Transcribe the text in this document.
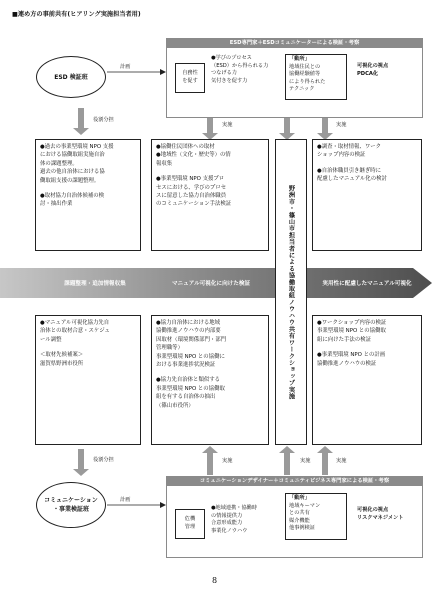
■連め方の事前共有(ヒアリング実施担当者用)
ESD 検証班
計画
ESD専門家＋ESDコミュニケーターによる検証・考察
自務性
を促す
●学びのプロセス
（ESD）から得られる力
つなげる力
気付きを促す力
「動所」
地域住民との
協働経験値等
により得られた
テクニック
可視化の視点
PDCA化
役割分担
実施	実施
●過去の事業型環境 NPO 支援
における協働取組実施自治
体の課題整理。
過去の他自治体における協
働取組支援の課題整理。
●取材協力自治体候補の検
討・抽出作業
●協働住民団体への取材
●地域性（文化・歴史等）の情
報収集
●事業型環境 NPO 支援プロ
セスにおける、学びのプロセ
スに留意した協力自治体職員
のコミュニケーション手法検証	野洲市・篠山市担当者
による協働取組ノウハウ
共有ワークショップ実施
●調査・取材情報、ワーク
ショップ内容の検証
●自治体職員引き継ぎ時に
配慮したマニュアル化の検討
課題整理・追加情報収集	マニュアル可視化に向けた検証	実用性に配慮したマニュアル可視化
●マニュアル可視化協力先自
治体との取材合意・スケジュ
ール調整
＜取材先候補案＞
滋賀県野洲市役所
●協力自治体における地域
協働推進ノウハウの内部要
因取材（環境関係部門・部門
管理職等）
事業型環境 NPO との協働に
おける事業進捗状況検証
●協力先自治体と類似する
事業型環境 NPO との協働取
組を有する自治体の抽出
（篠山市役所）
●ワークショップ内容の検証
事業型環境 NPO との協働取
組に向けた手法の検証
●事業型環境 NPO との計画
協働推進ノウハウの検証
役割分担	実施	実施	実施
コミュニケーション
・事業検証班
計画
コミュニケーションデザイナー＋コミュニティビジネス専門家による検証・考察
危機
管理
●地域連携・協働時
の情報提供力
合意形成能力
事業化ノウハウ
「動所」
地域キーマン
との共有
媒介機能
他事例検証
可視化の視点
リスクマネジメント
8
